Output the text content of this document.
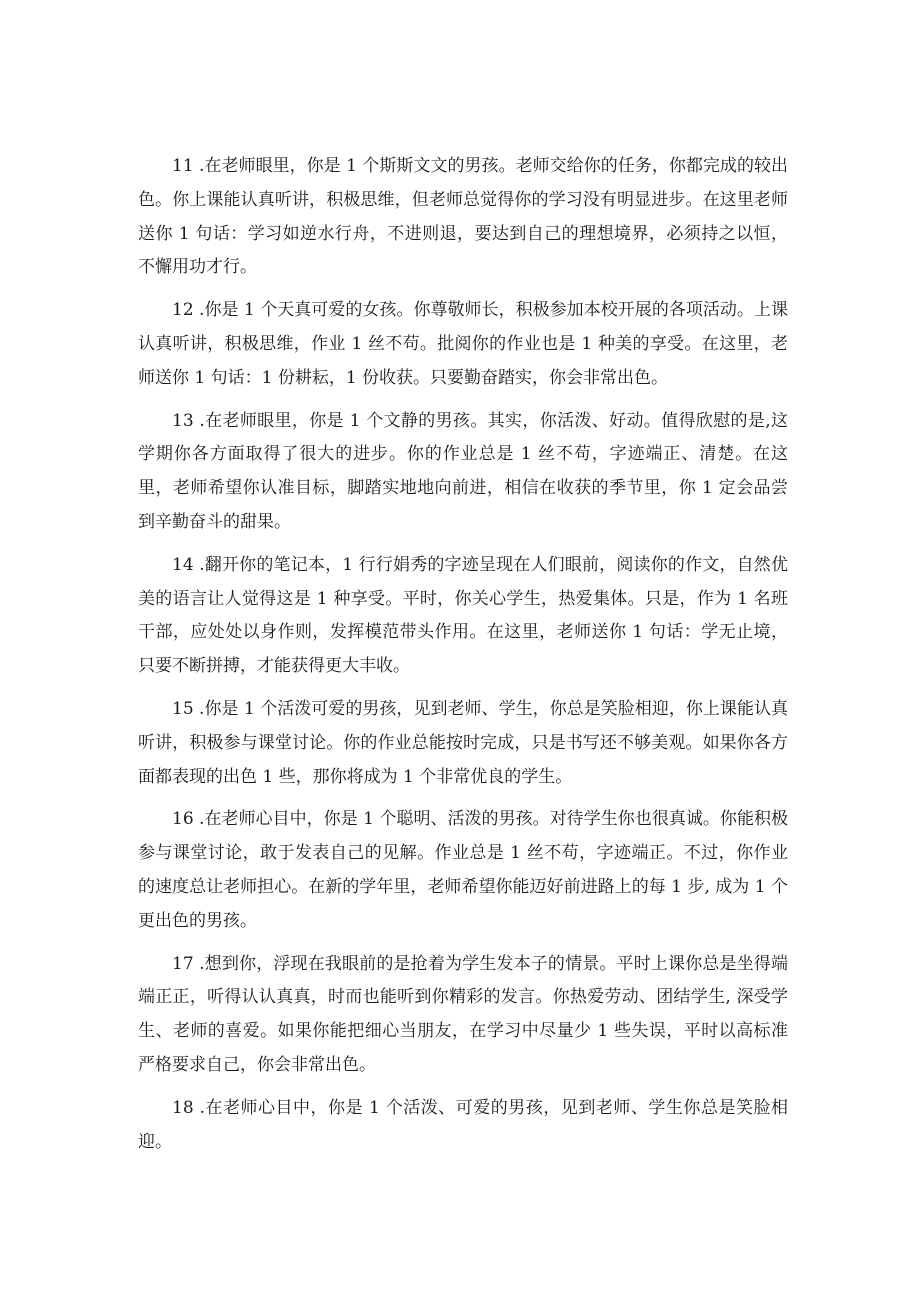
11 .在老师眼里，你是 1 个斯斯文文的男孩。老师交给你的任务，你都完成的较出色。你上课能认真听讲，积极思维，但老师总觉得你的学习没有明显进步。在这里老师送你 1 句话：学习如逆水行舟，不进则退，要达到自己的理想境界，必须持之以恒，不懈用功才行。

12 .你是 1 个天真可爱的女孩。你尊敬师长，积极参加本校开展的各项活动。上课认真听讲，积极思维，作业 1 丝不苟。批阅你的作业也是 1 种美的享受。在这里，老师送你 1 句话：1 份耕耘，1 份收获。只要勤奋踏实，你会非常出色。

13 .在老师眼里，你是 1 个文静的男孩。其实，你活泼、好动。值得欣慰的是,这学期你各方面取得了很大的进步。你的作业总是 1 丝不苟，字迹端正、清楚。在这里，老师希望你认准目标，脚踏实地地向前进，相信在收获的季节里，你 1 定会品尝到辛勤奋斗的甜果。

14 .翻开你的笔记本，1 行行娟秀的字迹呈现在人们眼前，阅读你的作文，自然优美的语言让人觉得这是 1 种享受。平时，你关心学生，热爱集体。只是，作为 1 名班干部，应处处以身作则，发挥模范带头作用。在这里，老师送你 1 句话：学无止境，只要不断拼搏，才能获得更大丰收。

15 .你是 1 个活泼可爱的男孩，见到老师、学生，你总是笑脸相迎，你上课能认真听讲，积极参与课堂讨论。你的作业总能按时完成，只是书写还不够美观。如果你各方面都表现的出色 1 些，那你将成为 1 个非常优良的学生。

16 .在老师心目中，你是 1 个聪明、活泼的男孩。对待学生你也很真诚。你能积极参与课堂讨论，敢于发表自己的见解。作业总是 1 丝不苟，字迹端正。不过，你作业的速度总让老师担心。在新的学年里，老师希望你能迈好前进路上的每 1 步, 成为 1 个更出色的男孩。

17 .想到你，浮现在我眼前的是抢着为学生发本子的情景。平时上课你总是坐得端端正正，听得认认真真，时而也能听到你精彩的发言。你热爱劳动、团结学生, 深受学生、老师的喜爱。如果你能把细心当朋友，在学习中尽量少 1 些失误，平时以高标准严格要求自己，你会非常出色。

18 .在老师心目中，你是 1 个活泼、可爱的男孩，见到老师、学生你总是笑脸相迎。
